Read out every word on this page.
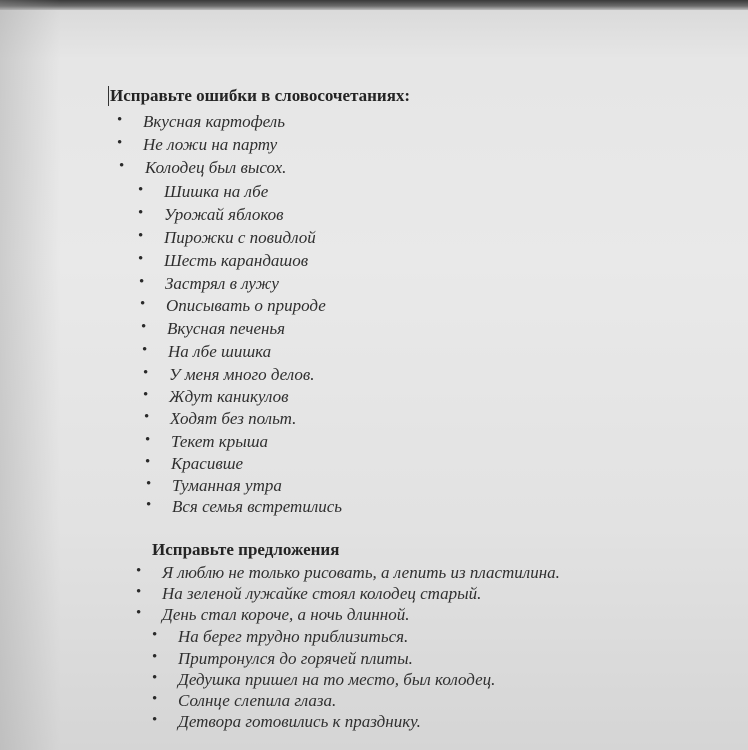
Исправьте ошибки в словосочетаниях:
• Вкусная картофель
• Не ложи на парту
• Колодец был высох.
• Шишка на лбе
• Урожай яблоков
• Пирожки с повидлой
• Шесть карандашов
• Застрял в лужу
• Описывать о природе
• Вкусная печенья
• На лбе шишка
• У меня много делов.
• Ждут каникулов
• Ходят без польт.
• Текет крыша
• Красивше
• Туманная утра
• Вся семья встретились
Исправьте предложения
• Я люблю не только рисовать, а лепить из пластилина.
• На зеленой лужайке стоял колодец старый.
• День стал короче, а ночь длинной.
• На берег трудно приблизиться.
• Притронулся до горячей плиты.
• Дедушка пришел на то место, был колодец.
• Солнце слепила глаза.
• Детвора готовились к празднику.
